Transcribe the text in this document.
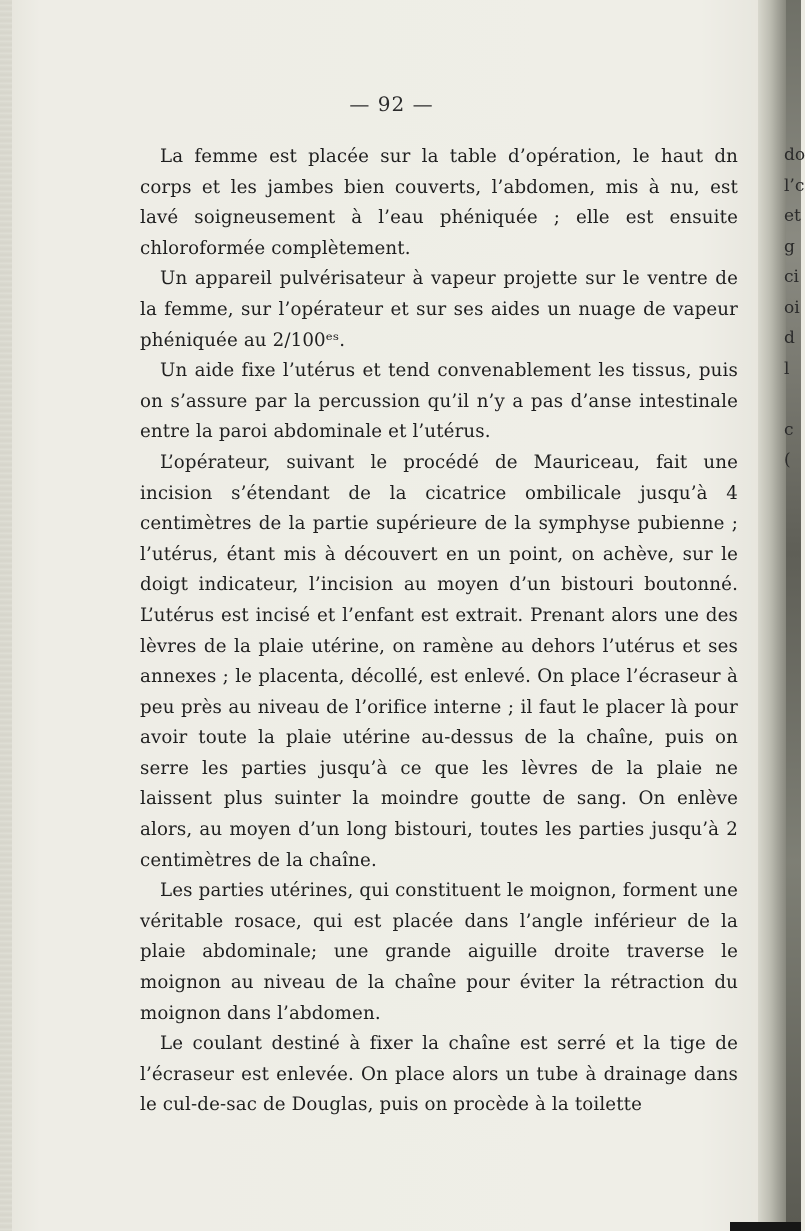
— 92 —

La femme est placée sur la table d’opération, le haut dn corps et les jambes bien couverts, l’abdomen, mis à nu, est lavé soigneusement à l’eau phéniquée ; elle est ensuite chloroformée complètement.

Un appareil pulvérisateur à vapeur projette sur le ventre de la femme, sur l’opérateur et sur ses aides un nuage de vapeur phéniquée au 2/100ᵉˢ.

Un aide fixe l’utérus et tend convenablement les tissus, puis on s’assure par la percussion qu’il n’y a pas d’anse intestinale entre la paroi abdominale et l’utérus.

L’opérateur, suivant le procédé de Mauriceau, fait une incision s’étendant de la cicatrice ombilicale jusqu’à 4 centimètres de la partie supérieure de la symphyse pubienne ; l’utérus, étant mis à découvert en un point, on achève, sur le doigt indicateur, l’incision au moyen d’un bistouri boutonné. L’utérus est incisé et l’enfant est extrait. Prenant alors une des lèvres de la plaie utérine, on ramène au dehors l’utérus et ses annexes ; le placenta, décollé, est enlevé. On place l’écraseur à peu près au niveau de l’orifice interne ; il faut le placer là pour avoir toute la plaie utérine au-dessus de la chaîne, puis on serre les parties jusqu’à ce que les lèvres de la plaie ne laissent plus suinter la moindre goutte de sang. On enlève alors, au moyen d’un long bistouri, toutes les parties jusqu’à 2 centimètres de la chaîne.

Les parties utérines, qui constituent le moignon, forment une véritable rosace, qui est placée dans l’angle inférieur de la plaie abdominale; une grande aiguille droite traverse le moignon au niveau de la chaîne pour éviter la rétraction du moignon dans l’abdomen.

Le coulant destiné à fixer la chaîne est serré et la tige de l’écraseur est enlevée. On place alors un tube à drainage dans le cul-de-sac de Douglas, puis on procède à la toilette

do
l’c
et
g
ci
oi
d
l
c
(
